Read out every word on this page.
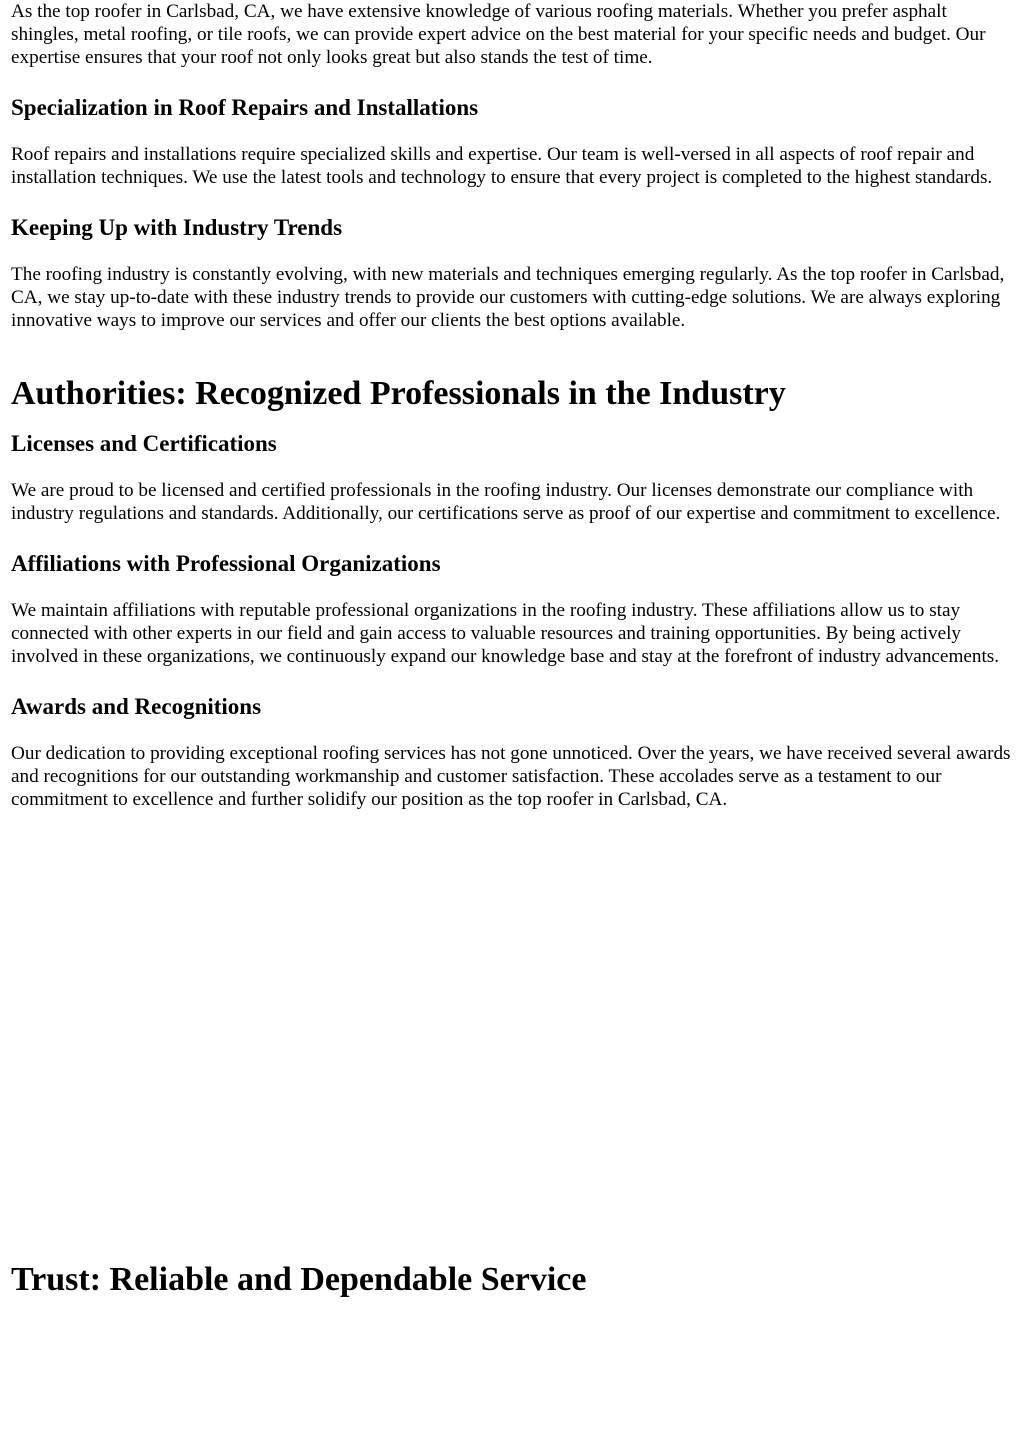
As the top roofer in Carlsbad, CA, we have extensive knowledge of various roofing materials. Whether you prefer asphalt shingles, metal roofing, or tile roofs, we can provide expert advice on the best material for your specific needs and budget. Our expertise ensures that your roof not only looks great but also stands the test of time.

Specialization in Roof Repairs and Installations

Roof repairs and installations require specialized skills and expertise. Our team is well-versed in all aspects of roof repair and installation techniques. We use the latest tools and technology to ensure that every project is completed to the highest standards.

Keeping Up with Industry Trends

The roofing industry is constantly evolving, with new materials and techniques emerging regularly. As the top roofer in Carlsbad, CA, we stay up-to-date with these industry trends to provide our customers with cutting-edge solutions. We are always exploring innovative ways to improve our services and offer our clients the best options available.

Authorities: Recognized Professionals in the Industry
Licenses and Certifications

We are proud to be licensed and certified professionals in the roofing industry. Our licenses demonstrate our compliance with industry regulations and standards. Additionally, our certifications serve as proof of our expertise and commitment to excellence.

Affiliations with Professional Organizations

We maintain affiliations with reputable professional organizations in the roofing industry. These affiliations allow us to stay connected with other experts in our field and gain access to valuable resources and training opportunities. By being actively involved in these organizations, we continuously expand our knowledge base and stay at the forefront of industry advancements.

Awards and Recognitions

Our dedication to providing exceptional roofing services has not gone unnoticed. Over the years, we have received several awards and recognitions for our outstanding workmanship and customer satisfaction. These accolades serve as a testament to our commitment to excellence and further solidify our position as the top roofer in Carlsbad, CA.

Trust: Reliable and Dependable Service
